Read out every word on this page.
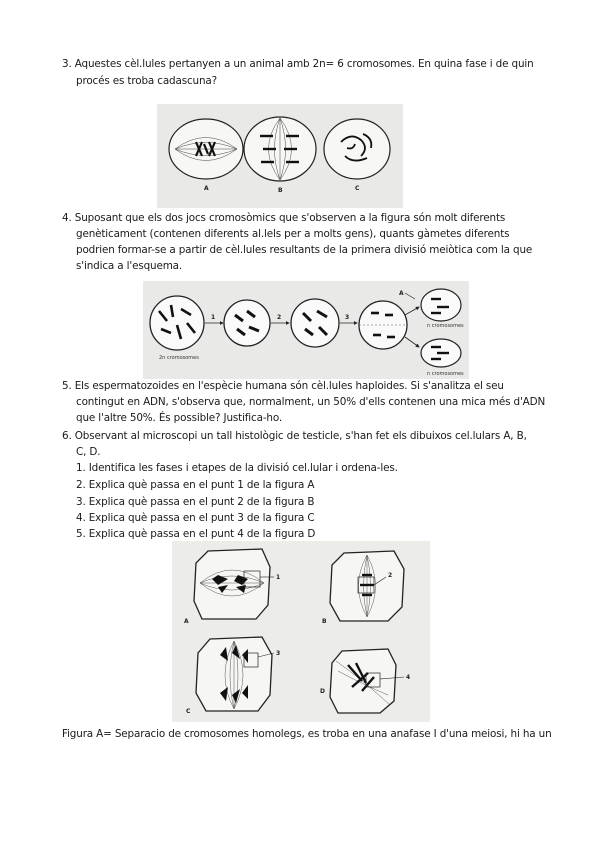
3. Aquestes cèl.lules pertanyen a un animal amb 2n= 6 cromosomes. En quina fase i de quin
procés es troba cadascuna?
A	B	C
4. Suposant que els dos jocs cromosòmics que s'observen a la figura són molt diferents
genèticament (contenen diferents al.lels per a molts gens), quants gàmetes diferents
podrien formar-se a partir de cèl.lules resultants de la primera divisió meiòtica com la que
s'indica a l'esquema.
2n cromosomes
1	2	3
A
n cromosomes
n cromosomes
5. Els espermatozoides en l'espècie humana són cèl.lules haploides. Si s'analitza el seu
contingut en ADN, s'observa que, normalment, un 50% d'ells contenen una mica més d'ADN
que l'altre 50%. És possible? Justifica-ho.
6. Observant al microscopi un tall histològic de testicle, s'han fet els dibuixos cel.lulars A, B,
C, D.
1. Identifica les fases i etapes de la divisió cel.lular i ordena-les.
2. Explica què passa en el punt 1 de la figura A
3. Explica què passa en el punt 2 de la figura B
4. Explica què passa en el punt 3 de la figura C
5. Explica què passa en el punt 4 de la figura D
1
A
2
B
3
C
4
D
Figura A= Separacio de cromosomes homolegs, es troba en una anafase I d'una meiosi, hi ha un
